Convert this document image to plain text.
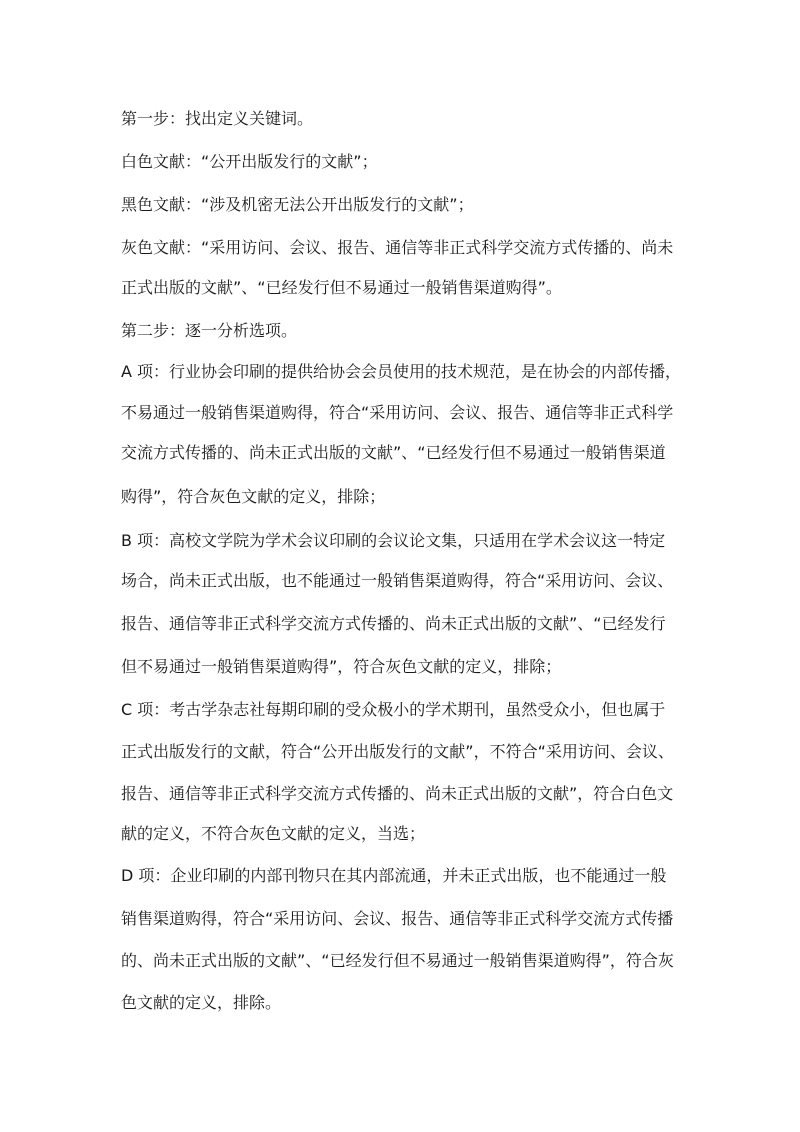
第一步：找出定义关键词。
白色文献：“公开出版发行的文献”；
黑色文献：“涉及机密无法公开出版发行的文献”；
灰色文献：“采用访问、会议、报告、通信等非正式科学交流方式传播的、尚未
正式出版的文献”、“已经发行但不易通过一般销售渠道购得”。
第二步：逐一分析选项。
A 项：行业协会印刷的提供给协会会员使用的技术规范，是在协会的内部传播，
不易通过一般销售渠道购得，符合“采用访问、会议、报告、通信等非正式科学
交流方式传播的、尚未正式出版的文献”、“已经发行但不易通过一般销售渠道
购得”，符合灰色文献的定义，排除；
B 项：高校文学院为学术会议印刷的会议论文集，只适用在学术会议这一特定
场合，尚未正式出版，也不能通过一般销售渠道购得，符合“采用访问、会议、
报告、通信等非正式科学交流方式传播的、尚未正式出版的文献”、“已经发行
但不易通过一般销售渠道购得”，符合灰色文献的定义，排除；
C 项：考古学杂志社每期印刷的受众极小的学术期刊，虽然受众小，但也属于
正式出版发行的文献，符合“公开出版发行的文献”，不符合“采用访问、会议、
报告、通信等非正式科学交流方式传播的、尚未正式出版的文献”，符合白色文
献的定义，不符合灰色文献的定义，当选；
D 项：企业印刷的内部刊物只在其内部流通，并未正式出版，也不能通过一般
销售渠道购得，符合“采用访问、会议、报告、通信等非正式科学交流方式传播
的、尚未正式出版的文献”、“已经发行但不易通过一般销售渠道购得”，符合灰
色文献的定义，排除。
